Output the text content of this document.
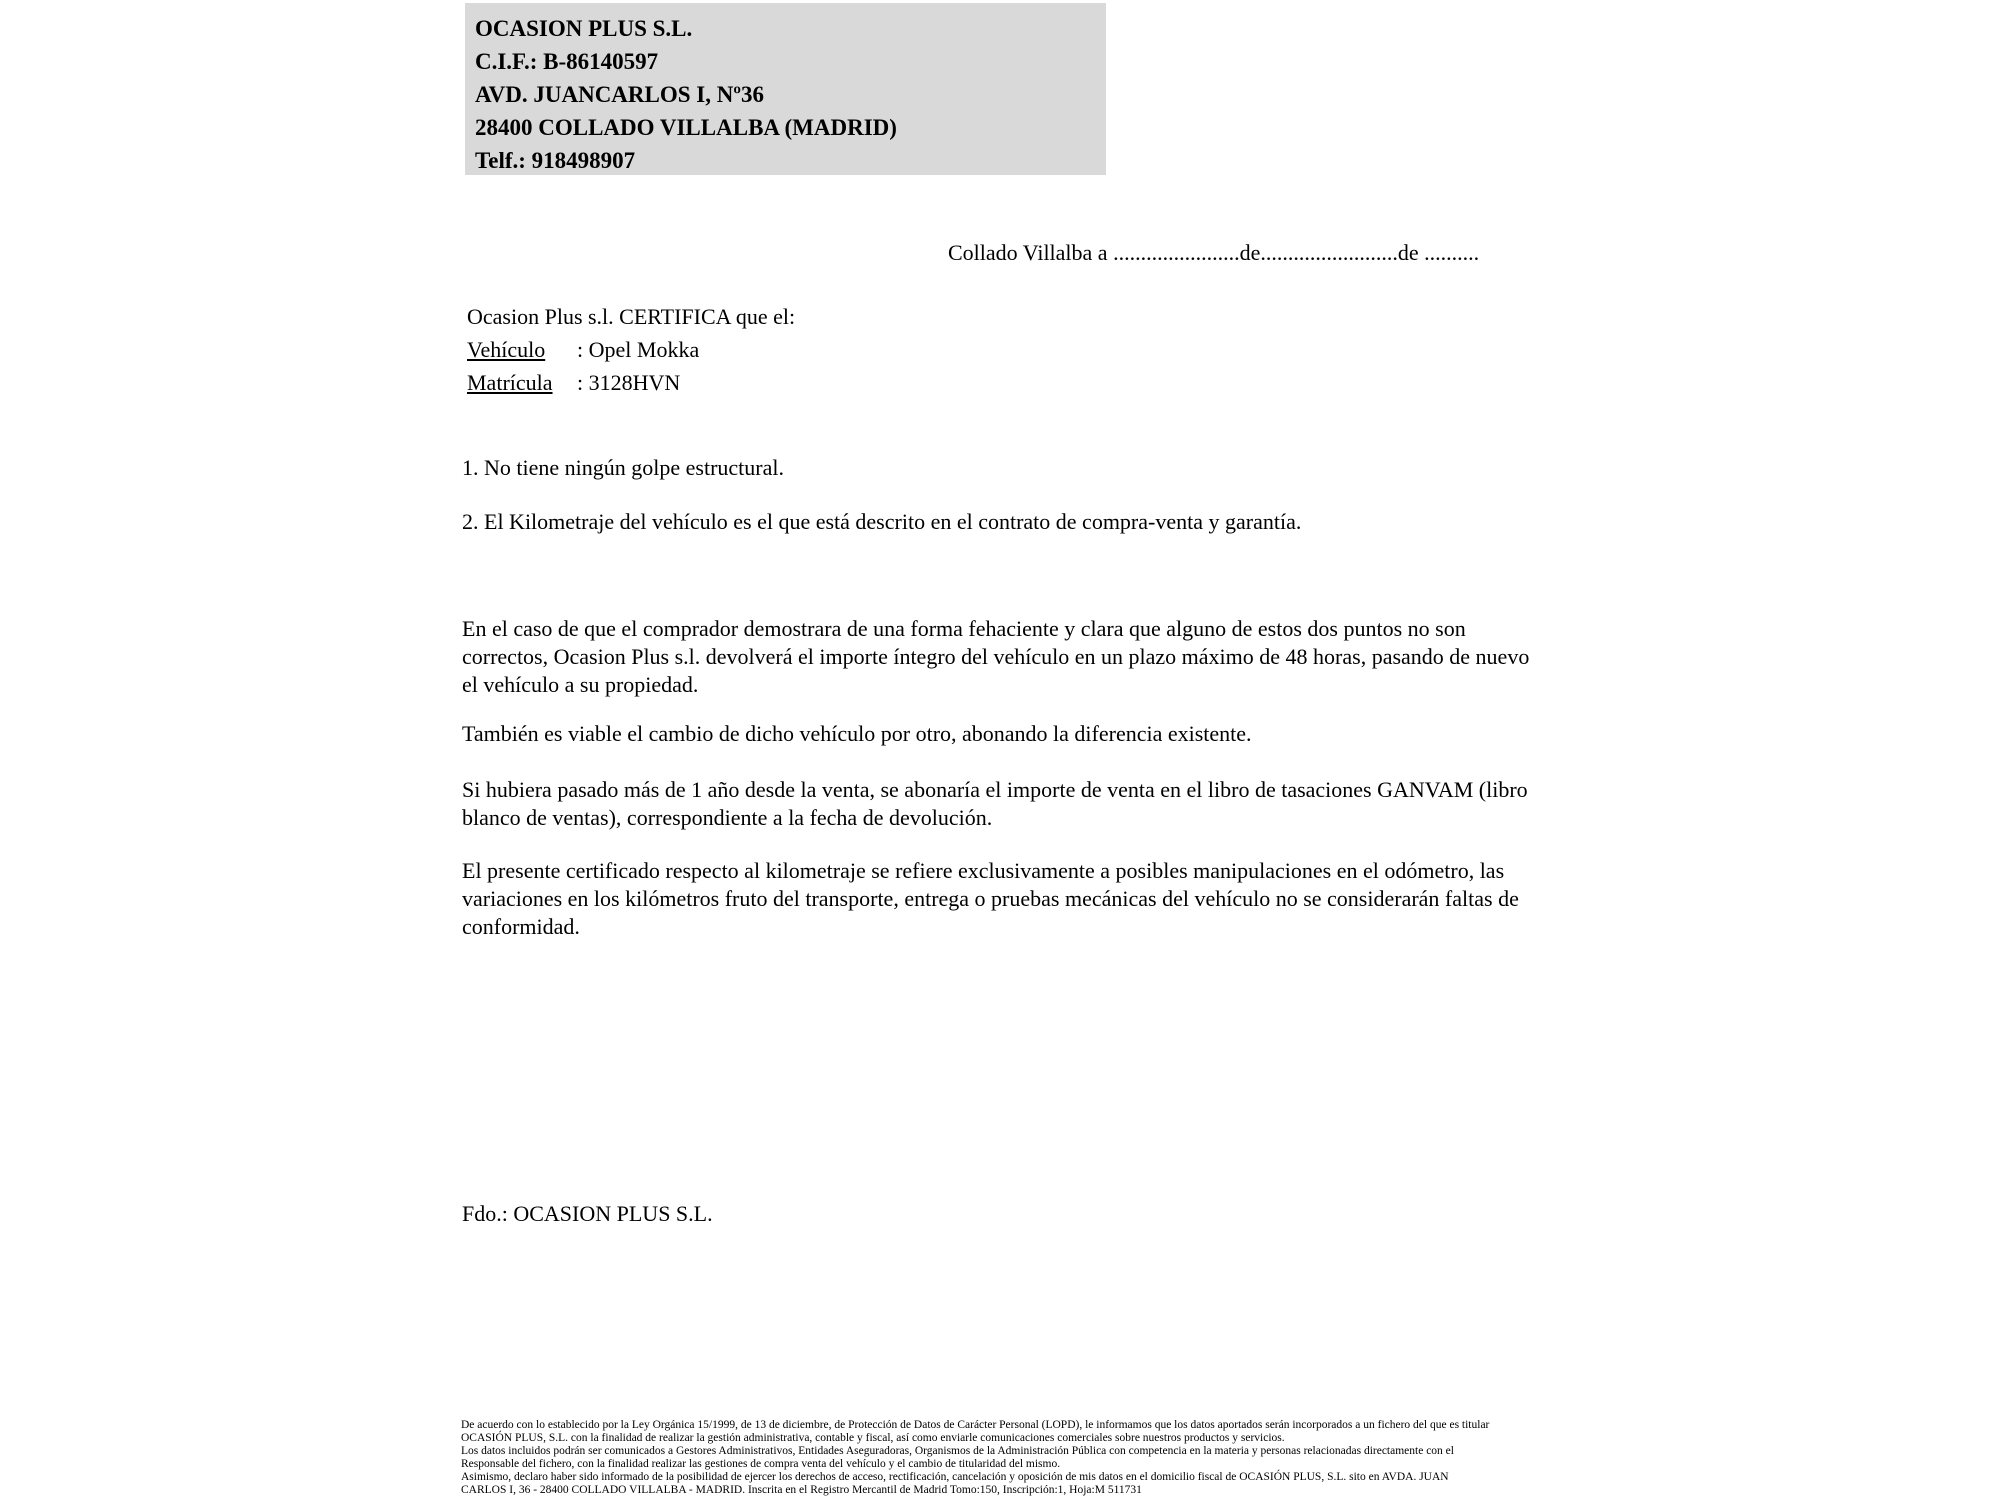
OCASION PLUS S.L.
C.I.F.: B-86140597
AVD. JUANCARLOS I, Nº36
28400 COLLADO VILLALBA (MADRID)
Telf.: 918498907
Collado Villalba a .......................de.........................de ..........
Ocasion Plus s.l. CERTIFICA que el:
Vehículo	: Opel Mokka
Matrícula	: 3128HVN
1. No tiene ningún golpe estructural.
2. El Kilometraje del vehículo es el que está descrito en el contrato de compra-venta y garantía.

En el caso de que el comprador demostrara de una forma fehaciente y clara que alguno de estos dos puntos no son correctos, Ocasion Plus s.l. devolverá el importe íntegro del vehículo en un plazo máximo de 48 horas, pasando de nuevo el vehículo a su propiedad.

También es viable el cambio de dicho vehículo por otro, abonando la diferencia existente.

Si hubiera pasado más de 1 año desde la venta, se abonaría el importe de venta en el libro de tasaciones GANVAM (libro blanco de ventas), correspondiente a la fecha de devolución.

El presente certificado respecto al kilometraje se refiere exclusivamente a posibles manipulaciones en el odómetro, las variaciones en los kilómetros fruto del transporte, entrega o pruebas mecánicas del vehículo no se considerarán faltas de conformidad.

Fdo.: OCASION PLUS S.L.
De acuerdo con lo establecido por la Ley Orgánica 15/1999, de 13 de diciembre, de Protección de Datos de Carácter Personal (LOPD), le informamos que los datos aportados serán incorporados a un fichero del que es titular
OCASIÓN PLUS, S.L. con la finalidad de realizar la gestión administrativa, contable y fiscal, así como enviarle comunicaciones comerciales sobre nuestros productos y servicios.
Los datos incluidos podrán ser comunicados a Gestores Administrativos, Entidades Aseguradoras, Organismos de la Administración Pública con competencia en la materia y personas relacionadas directamente con el
Responsable del fichero, con la finalidad realizar las gestiones de compra venta del vehículo y el cambio de titularidad del mismo.
Asimismo, declaro haber sido informado de la posibilidad de ejercer los derechos de acceso, rectificación, cancelación y oposición de mis datos en el domicilio fiscal de OCASIÓN PLUS, S.L. sito en AVDA. JUAN
CARLOS I, 36 - 28400 COLLADO VILLALBA - MADRID. Inscrita en el Registro Mercantil de Madrid Tomo:150, Inscripción:1, Hoja:M 511731
